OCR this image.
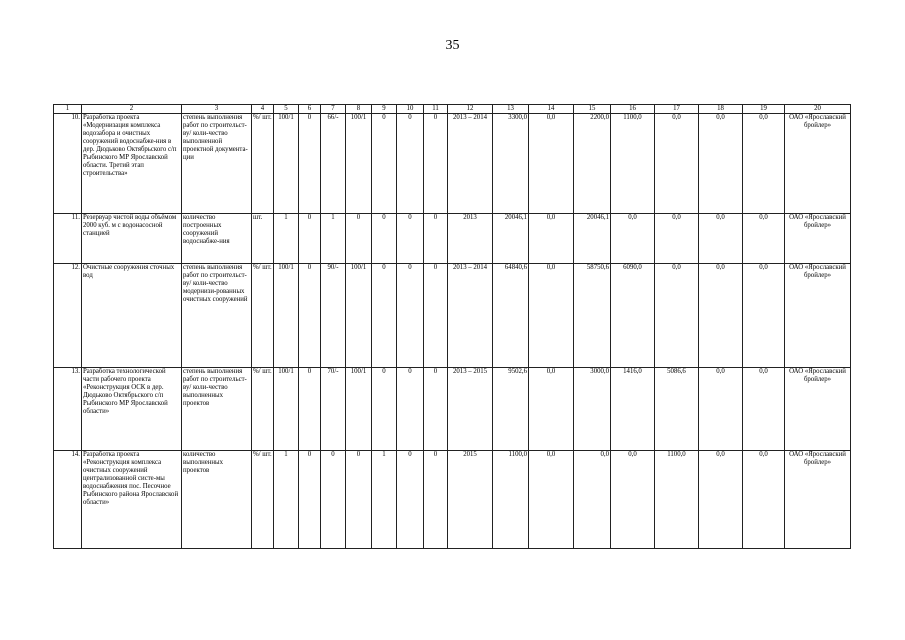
35
1	2	3	4	5	6	7	8	9	10	11	12	13	14	15	16	17	18	19	20
10.	Разработка проекта «Модернизация комплекса водозабора и очистных сооружений водоснабже-ния в дер. Дюдьково Октябрьского с/п Рыбинского МР Ярославской области. Третий этап строительства»	степень выполнения работ по строительст-ву/ коли-чество выполненной проектной документа-ции	%/ шт.	100/1	0	66/-	100/1	0	0	0	2013 – 2014	3300,0	0,0	2200,0	1100,0	0,0	0,0	0,0	ОАО «Ярославский бройлер»
11.	Резервуар чистой воды объёмом 2000 куб. м с водонасосной станцией	количество построенных сооружений водоснабже-ния	шт.	1	0	1	0	0	0	0	2013	20046,1	0,0	20046,1	0,0	0,0	0,0	0,0	ОАО «Ярославский бройлер»
12.	Очистные сооружения сточных вод	степень выполнения работ по строительст-ву/ коли-чество модернизи-рованных очистных сооружений	%/ шт.	100/1	0	90/-	100/1	0	0	0	2013 – 2014	64840,6	0,0	58750,6	6090,0	0,0	0,0	0,0	ОАО «Ярославский бройлер»
13.	Разработка технологической части рабочего проекта «Реконструкция ОСК в дер. Дюдьково Октябрьского с/п Рыбинского МР Ярославской области»	степень выполнения работ по строительст-ву/ коли-чество выполненных проектов	%/ шт.	100/1	0	70/-	100/1	0	0	0	2013 – 2015	9502,6	0,0	3000,0	1416,0	5086,6	0,0	0,0	ОАО «Ярославский бройлер»
14.	Разработка проекта «Реконструкция комплекса очистных сооружений централизованной систе-мы водоснабжения пос. Песочное Рыбинского района Ярославской области»	количество выполненных проектов	%/ шт.	1	0	0	0	1	0	0	2015	1100,0	0,0	0,0	0,0	1100,0	0,0	0,0	ОАО «Ярославский бройлер»
